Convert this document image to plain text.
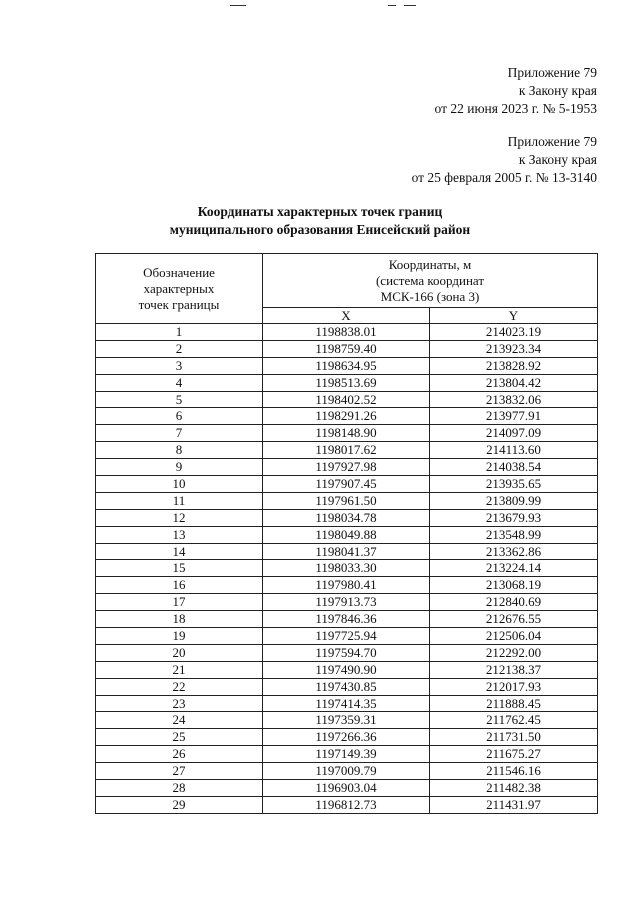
Приложение 79
к Закону края
от 22 июня 2023 г. № 5-1953
Приложение 79
к Закону края
от 25 февраля 2005 г. № 13-3140
Координаты характерных точек границ
муниципального образования Енисейский район
Обозначение
характерных
точек границы	Координаты, м
(система координат
МСК-166 (зона 3)	

	X	Y
1	1198838.01	214023.19
2	1198759.40	213923.34
3	1198634.95	213828.92
4	1198513.69	213804.42
5	1198402.52	213832.06
6	1198291.26	213977.91
7	1198148.90	214097.09
8	1198017.62	214113.60
9	1197927.98	214038.54
10	1197907.45	213935.65
11	1197961.50	213809.99
12	1198034.78	213679.93
13	1198049.88	213548.99
14	1198041.37	213362.86
15	1198033.30	213224.14
16	1197980.41	213068.19
17	1197913.73	212840.69
18	1197846.36	212676.55
19	1197725.94	212506.04
20	1197594.70	212292.00
21	1197490.90	212138.37
22	1197430.85	212017.93
23	1197414.35	211888.45
24	1197359.31	211762.45
25	1197266.36	211731.50
26	1197149.39	211675.27
27	1197009.79	211546.16
28	1196903.04	211482.38
29	1196812.73	211431.97
